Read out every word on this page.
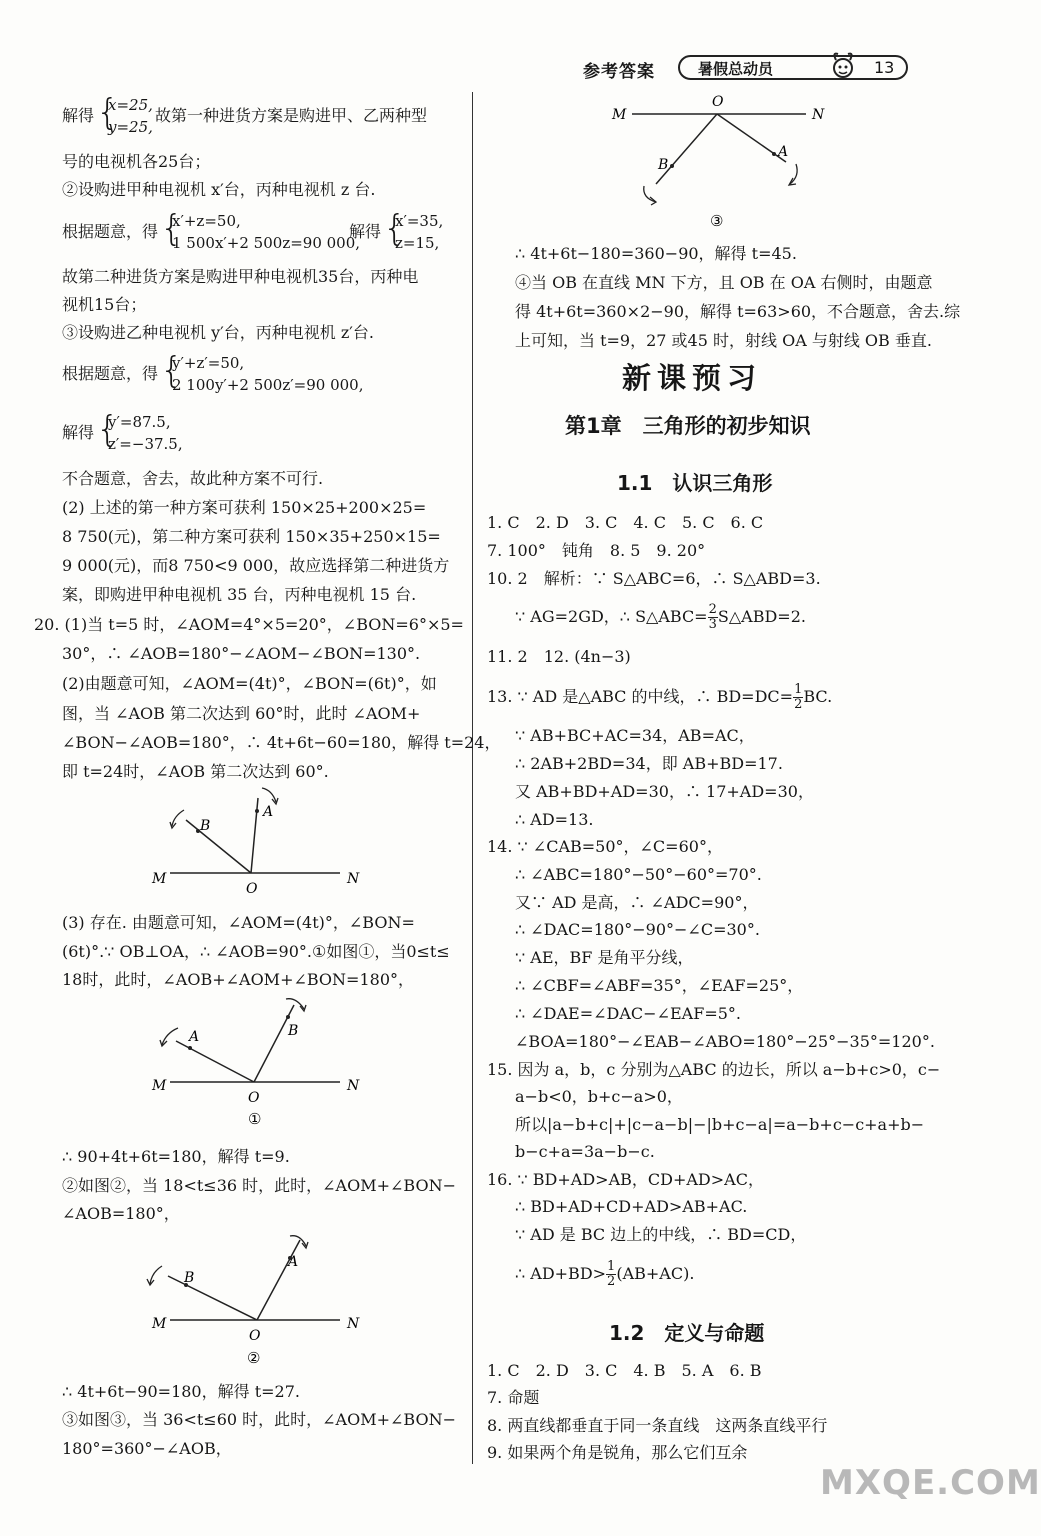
参考答案	暑假总动员	13
解得 {
x=25,
y=25,
故第一种进货方案是购进甲、乙两种型
号的电视机各25台；
②设购进甲种电视机 x′台，丙种电视机 z 台.
根据题意，得 {
x′+z=50,
1 500x′+2 500z=90 000,
解得 {
x′=35,
z=15,
故第二种进货方案是购进甲种电视机35台，丙种电
视机15台；
③设购进乙种电视机 y′台，丙种电视机 z′台.
根据题意，得 {
y′+z′=50,
2 100y′+2 500z′=90 000,
解得 {
y′=87.5,
z′=−37.5,
不合题意，舍去，故此种方案不可行.
(2) 上述的第一种方案可获利 150×25+200×25=
8 750(元)，第二种方案可获利 150×35+250×15=
9 000(元)，而8 750<9 000，故应选择第二种进货方
案，即购进甲种电视机 35 台，丙种电视机 15 台.
20. (1)当 t=5 时，∠AOM=4°×5=20°，∠BON=6°×5=
30°，∴ ∠AOB=180°−∠AOM−∠BON=130°.
(2)由题意可知，∠AOM=(4t)°，∠BON=(6t)°，如
图，当 ∠AOB 第二次达到 60°时，此时 ∠AOM+
∠BON−∠AOB=180°，∴ 4t+6t−60=180，解得 t=24，
即 t=24时，∠AOB 第二次达到 60°.
M	N
O
B
A
(3) 存在. 由题意可知，∠AOM=(4t)°，∠BON=
(6t)°.∵ OB⊥OA，∴ ∠AOB=90°.①如图①，当0≤t≤
18时，此时，∠AOB+∠AOM+∠BON=180°，
M	N
O
A	B
①
∴ 90+4t+6t=180，解得 t=9.
②如图②，当 18<t≤36 时，此时，∠AOM+∠BON−
∠AOB=180°，
M	N
O
B
A
②
∴ 4t+6t−90=180，解得 t=27.
③如图③，当 36<t≤60 时，此时，∠AOM+∠BON−
180°=360°−∠AOB，
M	N
O
A
B
③
∴ 4t+6t−180=360−90，解得 t=45.
④当 OB 在直线 MN 下方，且 OB 在 OA 右侧时，由题意
得 4t+6t=360×2−90，解得 t=63>60，不合题意，舍去.综
上可知，当 t=9，27 或45 时，射线 OA 与射线 OB 垂直.
新课预习
第1章　三角形的初步知识
1.1　认识三角形
1. C　2. D　3. C　4. C　5. C　6. C
7. 100°　钝角　8. 5　9. 20°
10. 2　解析：∵ S△ABC=6，∴ S△ABD=3.
∵ AG=2GD，∴ S△ABC= $\frac{2}{3}$ S△ABD=2.
11. 2　12. (4n−3)
13. ∵ AD 是△ABC 的中线，∴ $BD=DC= \frac{1}{2}$ BC.
∵ AB+BC+AC=34，AB=AC，
∴ 2AB+2BD=34，即 AB+BD=17.
又 AB+BD+AD=30，∴ 17+AD=30，
∴ AD=13.
14. ∵ ∠CAB=50°，∠C=60°，
∴ ∠ABC=180°−50°−60°=70°.
又∵ AD 是高，∴ ∠ADC=90°，
∴ ∠DAC=180°−90°−∠C=30°.
∵ AE，BF 是角平分线，
∴ ∠CBF=∠ABF=35°，∠EAF=25°，
∴ ∠DAE=∠DAC−∠EAF=5°.
∠BOA=180°−∠EAB−∠ABO=180°−25°−35°=120°.
15. 因为 a，b，c 分别为△ABC 的边长，所以 a−b+c>0，c−
a−b<0，b+c−a>0，
所以|a−b+c|+|c−a−b|−|b+c−a|=a−b+c−c+a+b−
b−c+a=3a−b−c.
16. ∵ BD+AD>AB，CD+AD>AC，
∴ BD+AD+CD+AD>AB+AC.
∵ AD 是 BC 边上的中线，∴ BD=CD，
∴ $AD+BD> \frac{1}{2} (AB+AC)$.
1.2　定义与命题
1. C　2. D　3. C　4. B　5. A　6. B
7. 命题
8. 两直线都垂直于同一条直线　这两条直线平行
9. 如果两个角是锐角，那么它们互余
MXQE.COM
